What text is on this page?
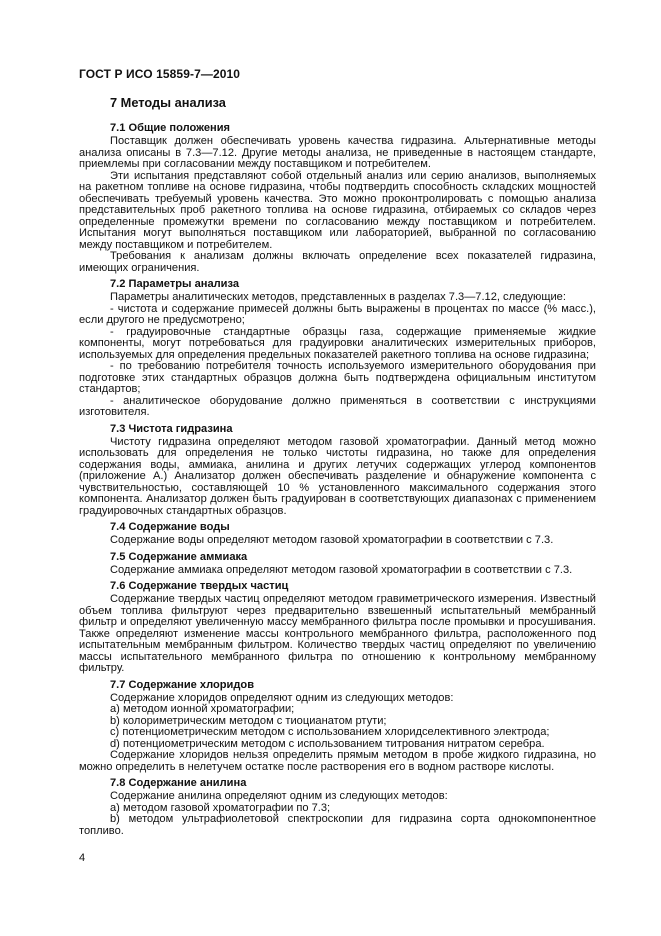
ГОСТ Р ИСО 15859-7—2010
7 Методы анализа
7.1 Общие положения

Поставщик должен обеспечивать уровень качества гидразина. Альтернативные методы анализа описаны в 7.3—7.12. Другие методы анализа, не приведенные в настоящем стандарте, приемлемы при согласовании между поставщиком и потребителем.

Эти испытания представляют собой отдельный анализ или серию анализов, выполняемых на ракетном топливе на основе гидразина, чтобы подтвердить способность складских мощностей обеспечивать требуемый уровень качества. Это можно проконтролировать с помощью анализа представительных проб ракетного топлива на основе гидразина, отбираемых со складов через определенные промежутки времени по согласованию между поставщиком и потребителем. Испытания могут выполняться поставщиком или лабораторией, выбранной по согласованию между поставщиком и потребителем.

Требования к анализам должны включать определение всех показателей гидразина, имеющих ограничения.

7.2 Параметры анализа

Параметры аналитических методов, представленных в разделах 7.3—7.12, следующие:

- чистота и содержание примесей должны быть выражены в процентах по массе (% масс.), если другого не предусмотрено;

- градуировочные стандартные образцы газа, содержащие применяемые жидкие компоненты, могут потребоваться для градуировки аналитических измерительных приборов, используемых для определения предельных показателей ракетного топлива на основе гидразина;

- по требованию потребителя точность используемого измерительного оборудования при подготовке этих стандартных образцов должна быть подтверждена официальным институтом стандартов;

- аналитическое оборудование должно применяться в соответствии с инструкциями изготовителя.

7.3 Чистота гидразина

Чистоту гидразина определяют методом газовой хроматографии. Данный метод можно использовать для определения не только чистоты гидразина, но также для определения содержания воды, аммиака, анилина и других летучих содержащих углерод компонентов (приложение А.) Анализатор должен обеспечивать разделение и обнаружение компонента с чувствительностью, составляющей 10 % установленного максимального содержания этого компонента. Анализатор должен быть градуирован в соответствующих диапазонах с применением градуировочных стандартных образцов.

7.4 Содержание воды

Содержание воды определяют методом газовой хроматографии в соответствии с 7.3.

7.5 Содержание аммиака

Содержание аммиака определяют методом газовой хроматографии в соответствии с 7.3.

7.6 Содержание твердых частиц

Содержание твердых частиц определяют методом гравиметрического измерения. Известный объем топлива фильтруют через предварительно взвешенный испытательный мембранный фильтр и определяют увеличенную массу мембранного фильтра после промывки и просушивания. Также определяют изменение массы контрольного мембранного фильтра, расположенного под испытательным мембранным фильтром. Количество твердых частиц определяют по увеличению массы испытательного мембранного фильтра по отношению к контрольному мембранному фильтру.

7.7 Содержание хлоридов

Содержание хлоридов определяют одним из следующих методов:

а) методом ионной хроматографии;

b) колориметрическим методом с тиоцианатом ртути;

с) потенциометрическим методом с использованием хлоридселективного электрода;

d) потенциометрическим методом с использованием титрования нитратом серебра.

Содержание хлоридов нельзя определить прямым методом в пробе жидкого гидразина, но можно определить в нелетучем остатке после растворения его в водном растворе кислоты.

7.8 Содержание анилина

Содержание анилина определяют одним из следующих методов:

а) методом газовой хроматографии по 7.3;

b) методом ультрафиолетовой спектроскопии для гидразина сорта однокомпонентное топливо.

4
